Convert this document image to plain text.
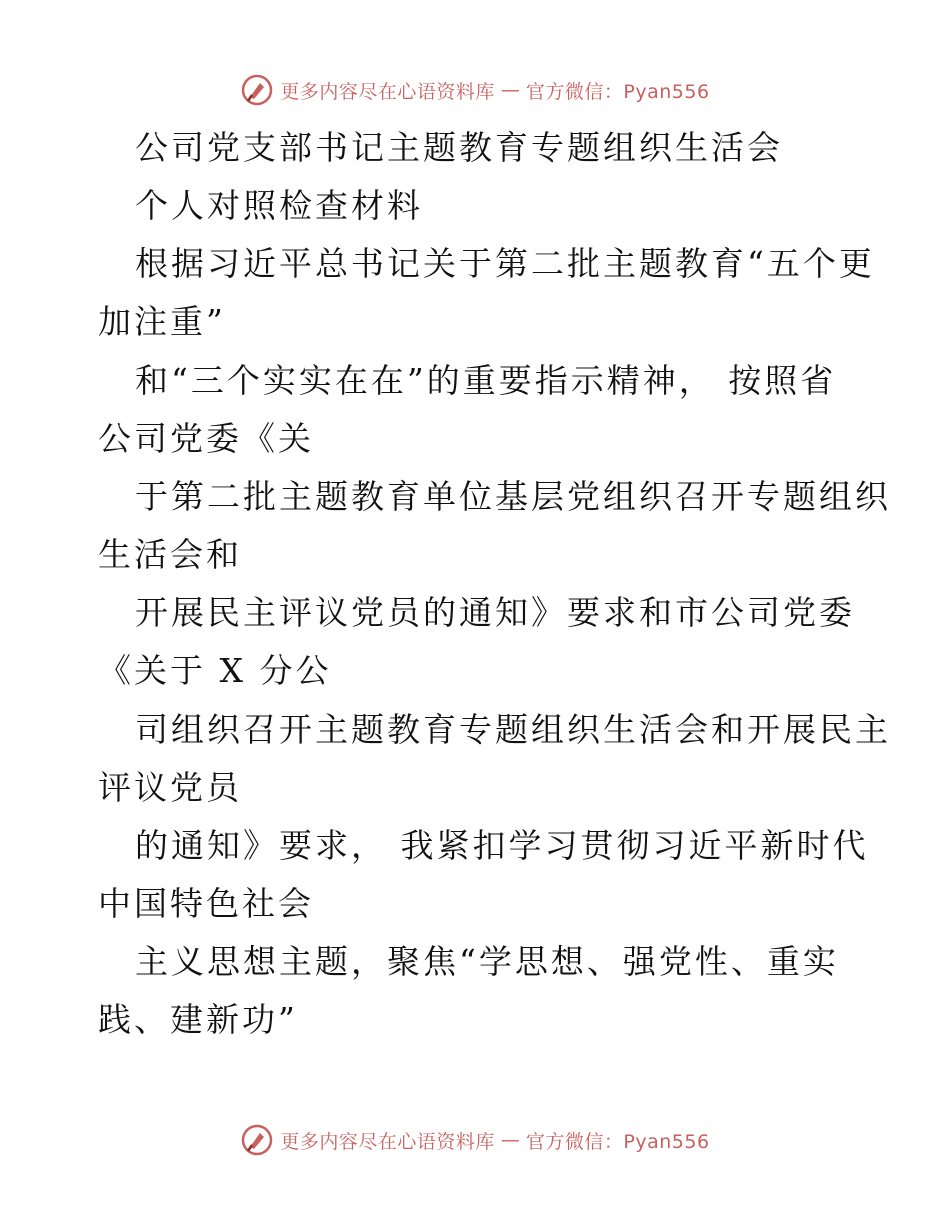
更多内容尽在心语资料库 — 官方微信：Pyan556
公司党支部书记主题教育专题组织生活会
个人对照检查材料
根据习近平总书记关于第二批主题教育“五个更
加注重”
和“三个实实在在”的重要指示精神， 按照省
公司党委《关
于第二批主题教育单位基层党组织召开专题组织
生活会和
开展民主评议党员的通知》要求和市公司党委
《关于 X 分公
司组织召开主题教育专题组织生活会和开展民主
评议党员
的通知》要求， 我紧扣学习贯彻习近平新时代
中国特色社会
主义思想主题，聚焦“学思想、强党性、重实
践、建新功”
更多内容尽在心语资料库 — 官方微信：Pyan556
